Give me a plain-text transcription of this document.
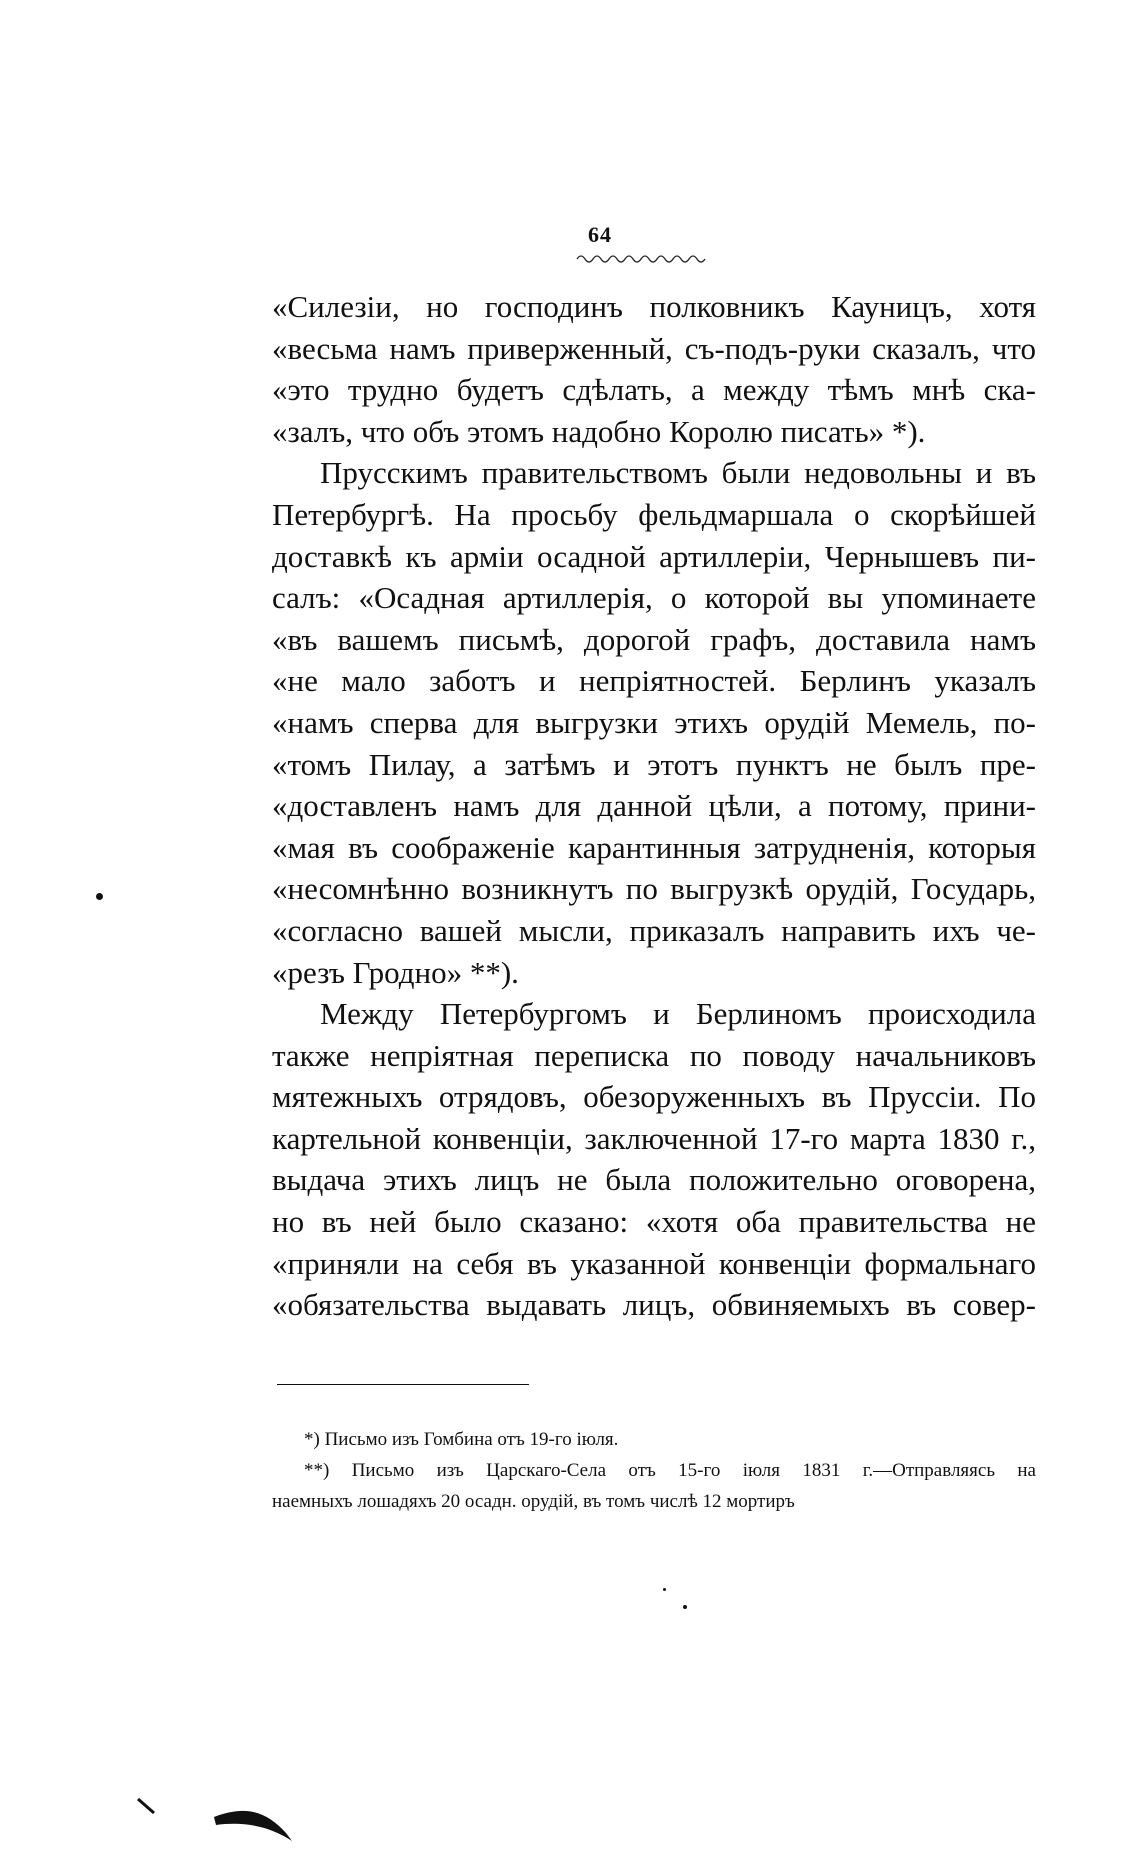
64
«Силезіи, но господинъ полковникъ Кауницъ, хотя
«весьма намъ приверженный, съ-подъ-руки сказалъ, что
«это трудно будетъ сдѣлать, а между тѣмъ мнѣ ска-
«залъ, что объ этомъ надобно Королю писать» *).
Прусскимъ правительствомъ были недовольны и въ
Петербургѣ. На просьбу фельдмаршала о скорѣйшей
доставкѣ къ арміи осадной артиллеріи, Чернышевъ пи-
салъ: «Осадная артиллерія, о которой вы упоминаете
«въ вашемъ письмѣ, дорогой графъ, доставила намъ
«не мало заботъ и непріятностей. Берлинъ указалъ
«намъ сперва для выгрузки этихъ орудій Мемель, по-
«томъ Пилау, а затѣмъ и этотъ пунктъ не былъ пре-
«доставленъ намъ для данной цѣли, а потому, прини-
«мая въ соображеніе карантинныя затрудненія, которыя
«несомнѣнно возникнутъ по выгрузкѣ орудій, Государь,
«согласно вашей мысли, приказалъ направить ихъ че-
«резъ Гродно» **).
Между Петербургомъ и Берлиномъ происходила
также непріятная переписка по поводу начальниковъ
мятежныхъ отрядовъ, обезоруженныхъ въ Пруссіи. По
картельной конвенціи, заключенной 17-го марта 1830 г.,
выдача этихъ лицъ не была положительно оговорена,
но въ ней было сказано: «хотя оба правительства не
«приняли на себя въ указанной конвенціи формальнаго
«обязательства выдавать лицъ, обвиняемыхъ въ совер-
*) Письмо изъ Гомбина отъ 19-го іюля.
**) Письмо изъ Царскаго-Села отъ 15-го іюля 1831 г.—Отправляясь на
наемныхъ лошадяхъ 20 осадн. орудій, въ томъ числѣ 12 мортиръ
